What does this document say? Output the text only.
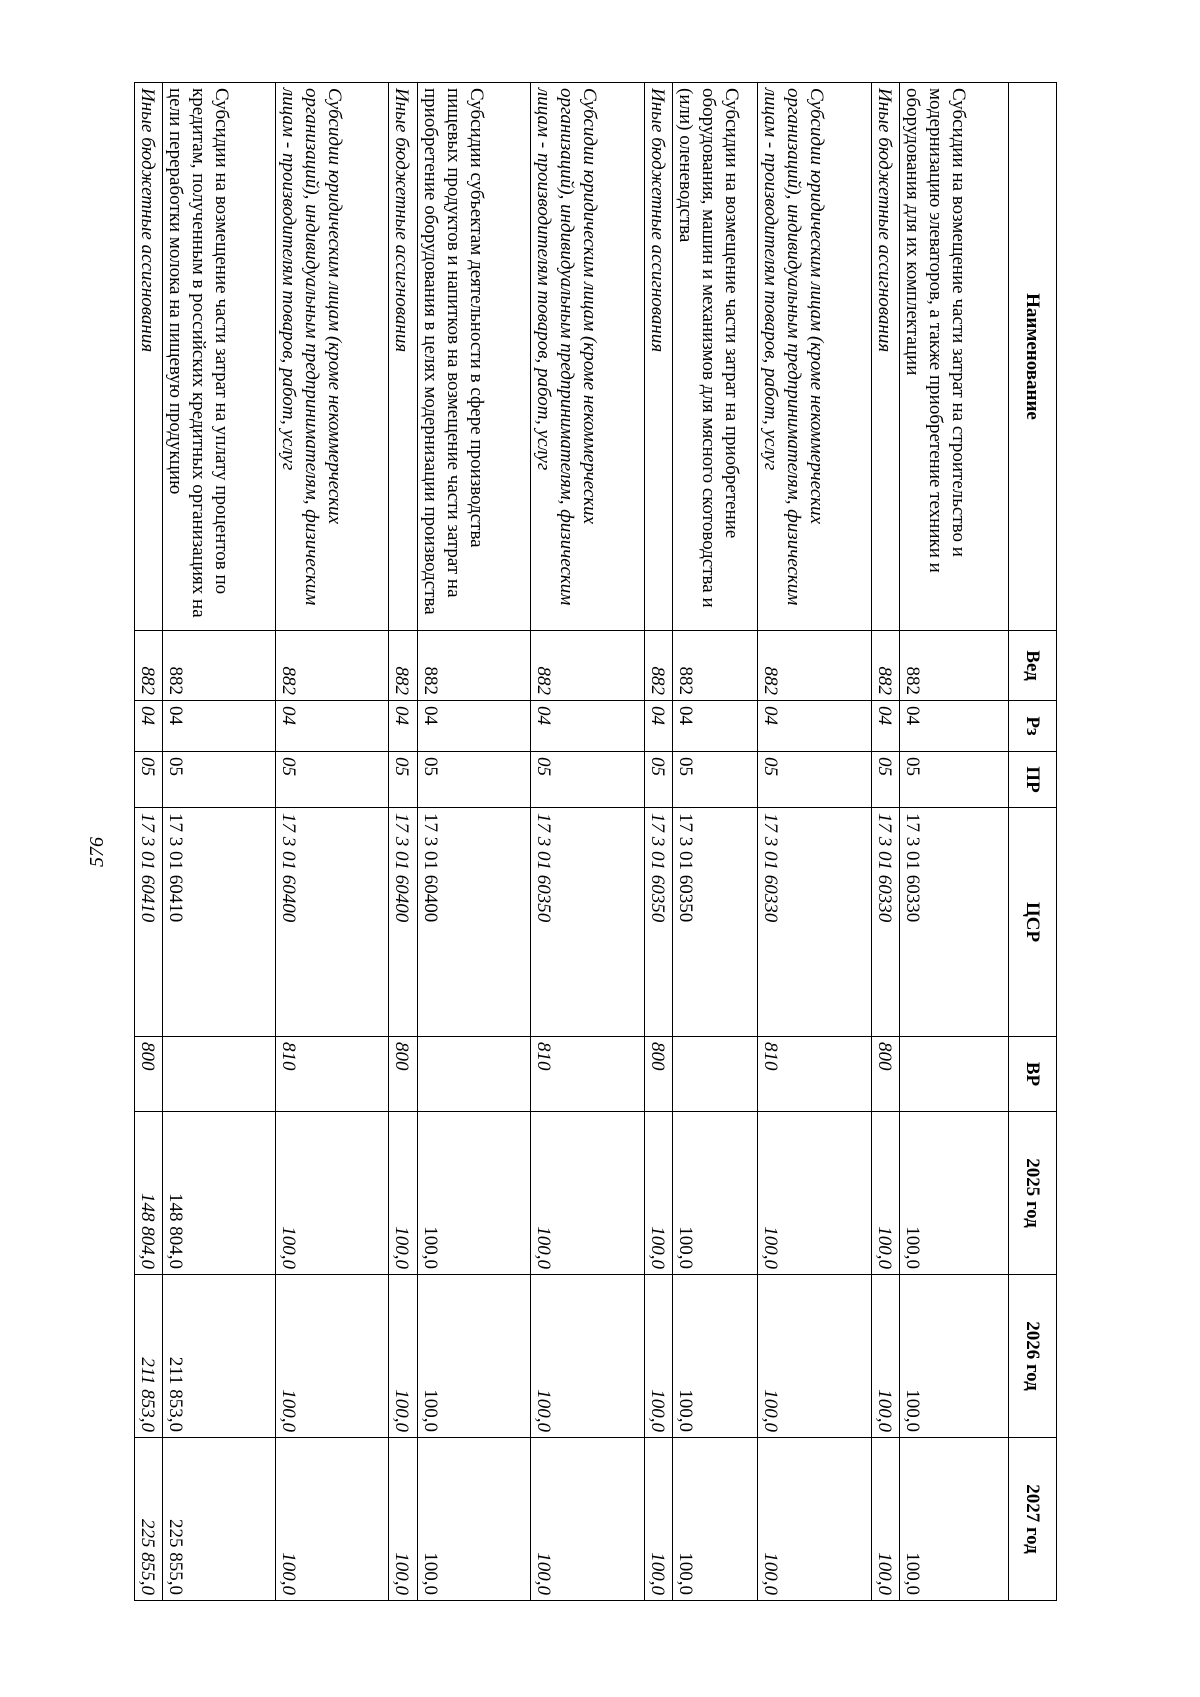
576
Наименование	Вед	Рз	ПР	ЦСР	ВР	2025 год	2026 год	2027 год
Субсидии на возмещение части затрат на строительство и модернизацию элеваторов, а также приобретение техники и оборудования для их комплектации	882	04	05	17 3 01 60330		100,0	100,0	100,0
Иные бюджетные ассигнования	882	04	05	17 3 01 60330	800	100,0	100,0	100,0
Субсидии юридическим лицам (кроме некоммерческих организаций), индивидуальным предпринимателям, физическим лицам - производителям товаров, работ, услуг	882	04	05	17 3 01 60330	810	100,0	100,0	100,0
Субсидии на возмещение части затрат на приобретение оборудования, машин и механизмов для мясного скотоводства и (или) оленеводства	882	04	05	17 3 01 60350		100,0	100,0	100,0
Иные бюджетные ассигнования	882	04	05	17 3 01 60350	800	100,0	100,0	100,0
Субсидии юридическим лицам (кроме некоммерческих организаций), индивидуальным предпринимателям, физическим лицам - производителям товаров, работ, услуг	882	04	05	17 3 01 60350	810	100,0	100,0	100,0
Субсидии субъектам деятельности в сфере производства пищевых продуктов и напитков на возмещение части затрат на приобретение оборудования в целях модернизации производства	882	04	05	17 3 01 60400		100,0	100,0	100,0
Иные бюджетные ассигнования	882	04	05	17 3 01 60400	800	100,0	100,0	100,0
Субсидии юридическим лицам (кроме некоммерческих организаций), индивидуальным предпринимателям, физическим лицам - производителям товаров, работ, услуг	882	04	05	17 3 01 60400	810	100,0	100,0	100,0
Субсидии на возмещение части затрат на уплату процентов по кредитам, полученным в российских кредитных организациях на цели переработки молока на пищевую продукцию	882	04	05	17 3 01 60410		148 804,0	211 853,0	225 855,0
Иные бюджетные ассигнования	882	04	05	17 3 01 60410	800	148 804,0	211 853,0	225 855,0
